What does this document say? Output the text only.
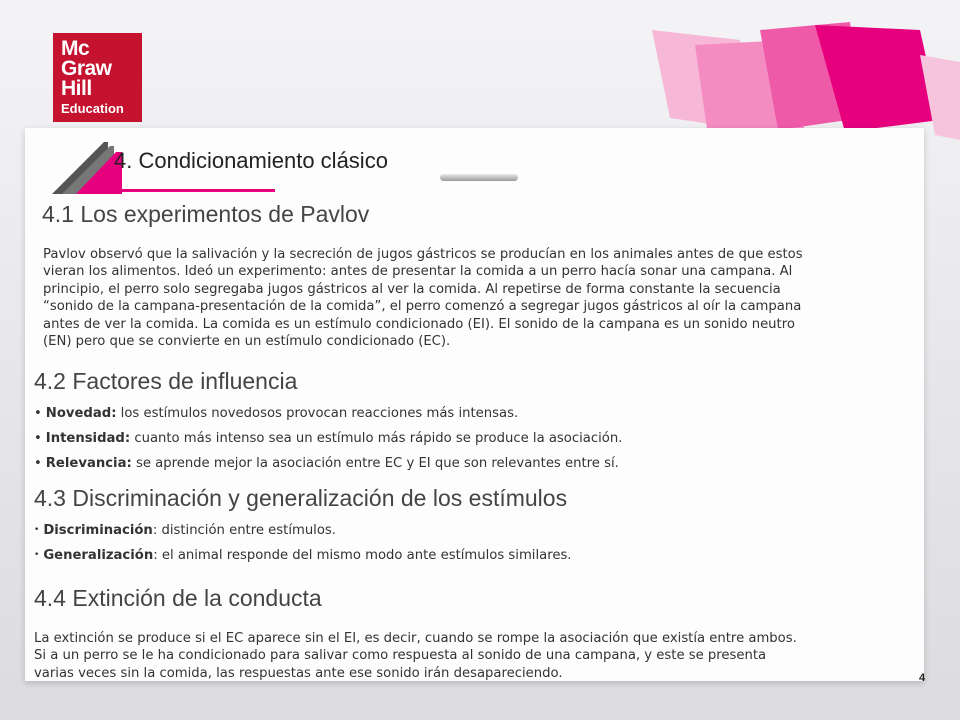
Mc
Graw
Hill
Education
4. Condicionamiento clásico
4.1 Los experimentos de Pavlov
Pavlov observó que la salivación y la secreción de jugos gástricos se producían en los animales antes de que estos
vieran los alimentos. Ideó un experimento: antes de presentar la comida a un perro hacía sonar una campana. Al
principio, el perro solo segregaba jugos gástricos al ver la comida. Al repetirse de forma constante la secuencia
“sonido de la campana-presentación de la comida”, el perro comenzó a segregar jugos gástricos al oír la campana
antes de ver la comida. La comida es un estímulo condicionado (EI). El sonido de la campana es un sonido neutro
(EN) pero que se convierte en un estímulo condicionado (EC).
4.2 Factores de influencia
• Novedad: los estímulos novedosos provocan reacciones más intensas.
• Intensidad: cuanto más intenso sea un estímulo más rápido se produce la asociación.
• Relevancia: se aprende mejor la asociación entre EC y EI que son relevantes entre sí.
4.3 Discriminación y generalización de los estímulos
• Discriminación: distinción entre estímulos.
• Generalización: el animal responde del mismo modo ante estímulos similares.
4.4 Extinción de la conducta
La extinción se produce si el EC aparece sin el EI, es decir, cuando se rompe la asociación que existía entre ambos.
Si a un perro se le ha condicionado para salivar como respuesta al sonido de una campana, y este se presenta
varias veces sin la comida, las respuestas ante ese sonido irán desapareciendo.	4
